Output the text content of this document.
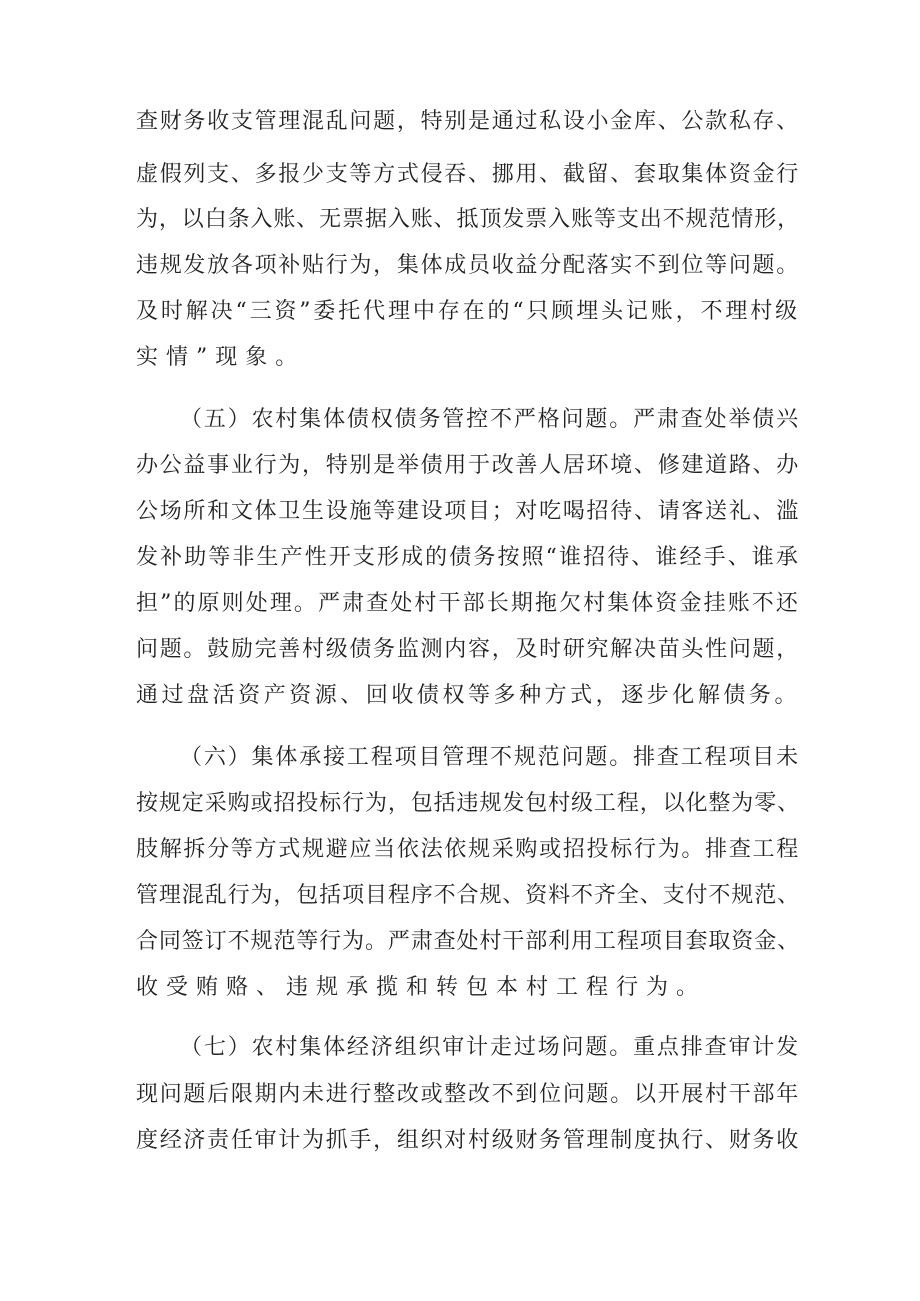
查财务收支管理混乱问题，特别是通过私设小金库、公款私存、
虚假列支、多报少支等方式侵吞、挪用、截留、套取集体资金行
为，以白条入账、无票据入账、抵顶发票入账等支出不规范情形，
违规发放各项补贴行为，集体成员收益分配落实不到位等问题。
及时解决“三资”委托代理中存在的“只顾埋头记账，不理村级
实情”现象。
（五）农村集体债权债务管控不严格问题。严肃查处举债兴
办公益事业行为，特别是举债用于改善人居环境、修建道路、办
公场所和文体卫生设施等建设项目；对吃喝招待、请客送礼、滥
发补助等非生产性开支形成的债务按照“谁招待、谁经手、谁承
担”的原则处理。严肃查处村干部长期拖欠村集体资金挂账不还
问题。鼓励完善村级债务监测内容，及时研究解决苗头性问题，
通过盘活资产资源、回收债权等多种方式，逐步化解债务。
（六）集体承接工程项目管理不规范问题。排查工程项目未
按规定采购或招投标行为，包括违规发包村级工程，以化整为零、
肢解拆分等方式规避应当依法依规采购或招投标行为。排查工程
管理混乱行为，包括项目程序不合规、资料不齐全、支付不规范、
合同签订不规范等行为。严肃查处村干部利用工程项目套取资金、
收受贿赂、违规承揽和转包本村工程行为。
（七）农村集体经济组织审计走过场问题。重点排查审计发
现问题后限期内未进行整改或整改不到位问题。以开展村干部年
度经济责任审计为抓手，组织对村级财务管理制度执行、财务收
